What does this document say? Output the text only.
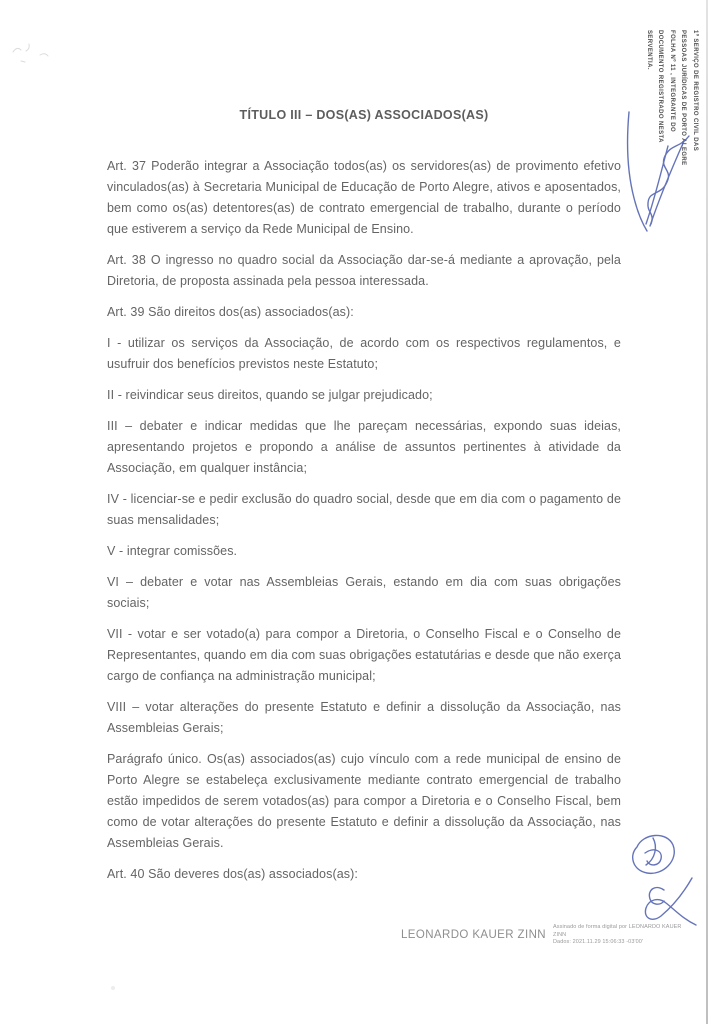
TÍTULO III – DOS(AS) ASSOCIADOS(AS)

Art. 37 Poderão integrar a Associação todos(as) os servidores(as) de provimento efetivo vinculados(as) à Secretaria Municipal de Educação de Porto Alegre, ativos e aposentados, bem como os(as) detentores(as) de contrato emergencial de trabalho, durante o período que estiverem a serviço da Rede Municipal de Ensino.

Art. 38 O ingresso no quadro social da Associação dar-se-á mediante a aprovação, pela Diretoria, de proposta assinada pela pessoa interessada.

Art. 39 São direitos dos(as) associados(as):

I - utilizar os serviços da Associação, de acordo com os respectivos regulamentos, e usufruir dos benefícios previstos neste Estatuto;

II - reivindicar seus direitos, quando se julgar prejudicado;

III – debater e indicar medidas que lhe pareçam necessárias, expondo suas ideias, apresentando projetos e propondo a análise de assuntos pertinentes à atividade da Associação, em qualquer instância;

IV - licenciar-se e pedir exclusão do quadro social, desde que em dia com o pagamento de suas mensalidades;

V - integrar comissões.

VI – debater e votar nas Assembleias Gerais, estando em dia com suas obrigações sociais;

VII - votar e ser votado(a) para compor a Diretoria, o Conselho Fiscal e o Conselho de Representantes, quando em dia com suas obrigações estatutárias e desde que não exerça cargo de confiança na administração municipal;

VIII – votar alterações do presente Estatuto e definir a dissolução da Associação, nas Assembleias Gerais;

Parágrafo único. Os(as) associados(as) cujo vínculo com a rede municipal de ensino de Porto Alegre se estabeleça exclusivamente mediante contrato emergencial de trabalho estão impedidos de serem votados(as) para compor a Diretoria e o Conselho Fiscal, bem como de votar alterações do presente Estatuto e definir a dissolução da Associação, nas Assembleias Gerais.

Art. 40 São deveres dos(as) associados(as):

1º SERVIÇO DE REGISTRO CIVIL DAS
PESSOAS JURÍDICAS DE PORTO ALEGRE
FOLHA Nº 11 , INTEGRANTE DO
DOCUMENTO REGISTRADO NESTA
SERVENTIA.
LEONARDO KAUER ZINN
Assinado de forma digital por LEONARDO KAUER
ZINN
Dados: 2021.11.29 15:06:33 -03'00'
